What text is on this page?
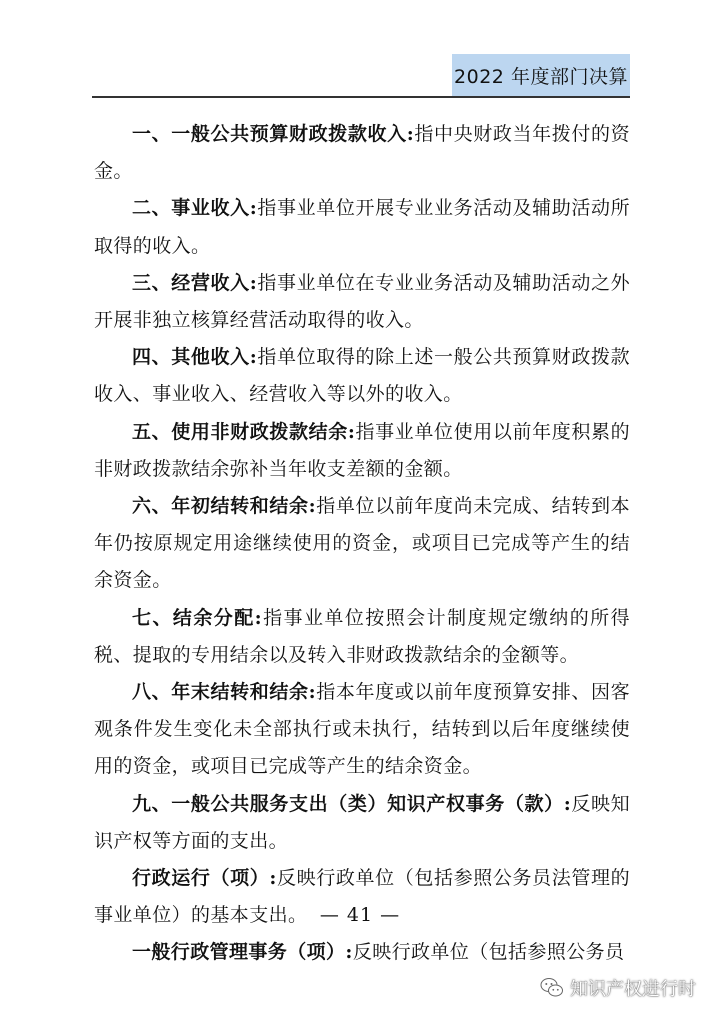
2022 年度部门决算

一、一般公共预算财政拨款收入:指中央财政当年拨付的资金。

二、事业收入:指事业单位开展专业业务活动及辅助活动所取得的收入。

三、经营收入:指事业单位在专业业务活动及辅助活动之外开展非独立核算经营活动取得的收入。

四、其他收入:指单位取得的除上述一般公共预算财政拨款收入、事业收入、经营收入等以外的收入。

五、使用非财政拨款结余:指事业单位使用以前年度积累的非财政拨款结余弥补当年收支差额的金额。

六、年初结转和结余:指单位以前年度尚未完成、结转到本年仍按原规定用途继续使用的资金，或项目已完成等产生的结余资金。

七、结余分配:指事业单位按照会计制度规定缴纳的所得税、提取的专用结余以及转入非财政拨款结余的金额等。

八、年末结转和结余:指本年度或以前年度预算安排、因客观条件发生变化未全部执行或未执行，结转到以后年度继续使用的资金，或项目已完成等产生的结余资金。

九、一般公共服务支出（类）知识产权事务（款）:反映知识产权等方面的支出。

行政运行（项）:反映行政单位（包括参照公务员法管理的事业单位）的基本支出。

一般行政管理事务（项）:反映行政单位（包括参照公务员

— 41 —
知识产权进行时
